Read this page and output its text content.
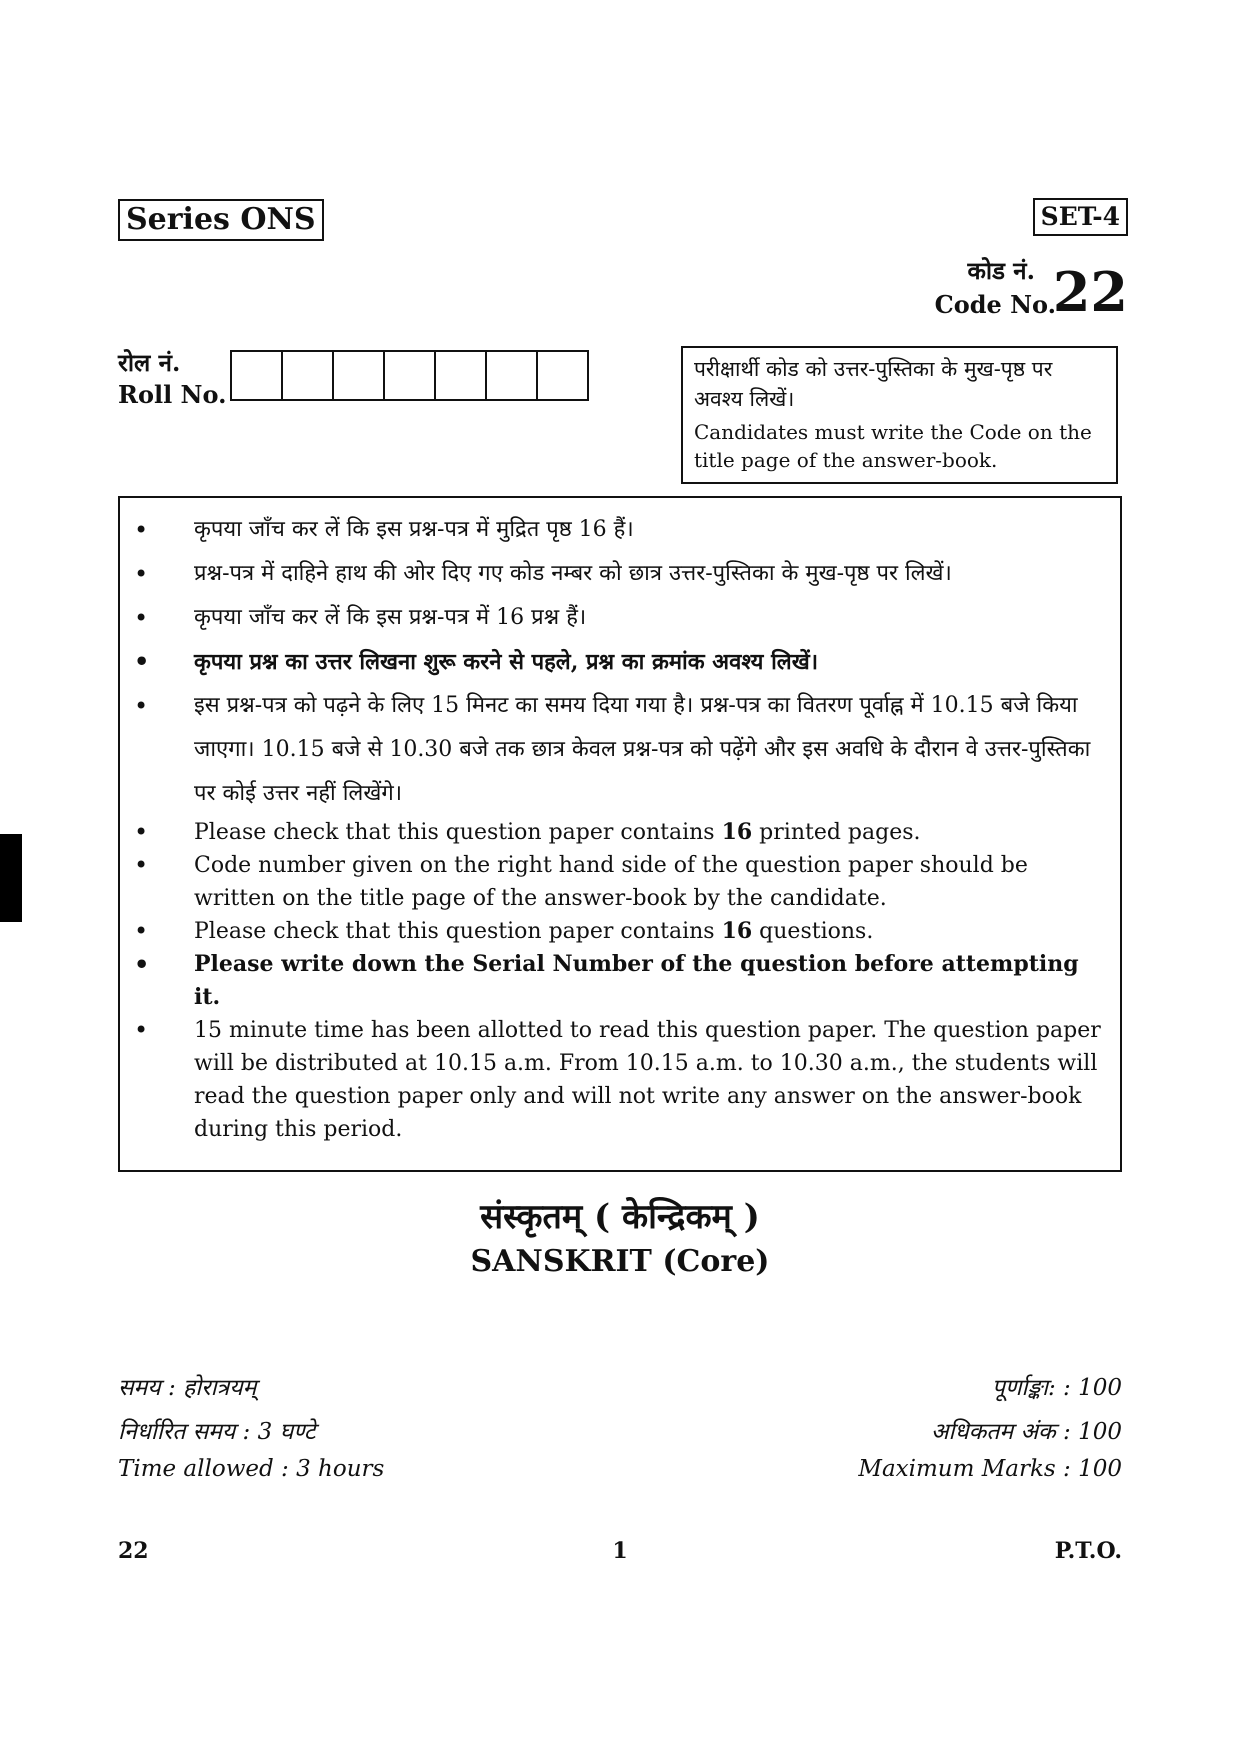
Series ONS	SET-4
कोड नं.
Code No.
22
रोल नं.
Roll No.
परीक्षार्थी कोड को उत्तर-पुस्तिका के मुख-पृष्ठ पर अवश्य लिखें।
Candidates must write the Code on the title page of the answer-book.
• कृपया जाँच कर लें कि इस प्रश्न-पत्र में मुद्रित पृष्ठ 16 हैं।
• प्रश्न-पत्र में दाहिने हाथ की ओर दिए गए कोड नम्बर को छात्र उत्तर-पुस्तिका के मुख-पृष्ठ पर लिखें।
• कृपया जाँच कर लें कि इस प्रश्न-पत्र में 16 प्रश्न हैं।
• कृपया प्रश्न का उत्तर लिखना शुरू करने से पहले, प्रश्न का क्रमांक अवश्य लिखें।
• इस प्रश्न-पत्र को पढ़ने के लिए 15 मिनट का समय दिया गया है। प्रश्न-पत्र का वितरण पूर्वाह्न में 10.15 बजे किया जाएगा। 10.15 बजे से 10.30 बजे तक छात्र केवल प्रश्न-पत्र को पढ़ेंगे और इस अवधि के दौरान वे उत्तर-पुस्तिका पर कोई उत्तर नहीं लिखेंगे।
• Please check that this question paper contains 16 printed pages.
• Code number given on the right hand side of the question paper should be written on the title page of the answer-book by the candidate.
• Please check that this question paper contains 16 questions.
• Please write down the Serial Number of the question before attempting it.
• 15 minute time has been allotted to read this question paper. The question paper will be distributed at 10.15 a.m. From 10.15 a.m. to 10.30 a.m., the students will read the question paper only and will not write any answer on the answer-book during this period.
संस्कृतम् ( केन्द्रिकम् )
SANSKRIT (Core)
समय : होरात्रयम्
निर्धारित समय : 3 घण्टे
Time allowed : 3 hours
पूर्णाङ्का: : 100
अधिकतम अंक : 100
Maximum Marks : 100
22	1	P.T.O.
